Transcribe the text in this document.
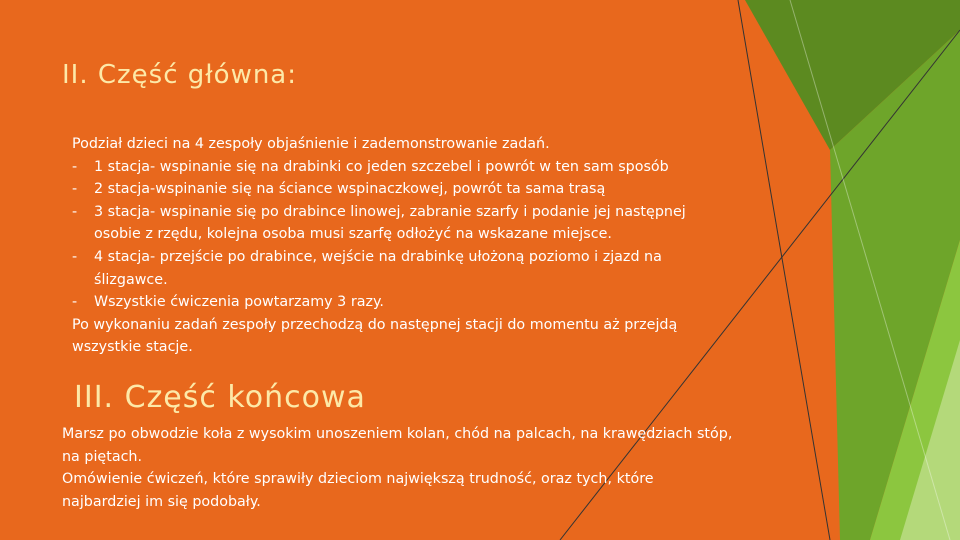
II. Część główna:
Podział dzieci na 4 zespoły objaśnienie i zademonstrowanie zadań.
- 1 stacja- wspinanie się na drabinki co jeden szczebel i powrót w ten sam sposób
- 2 stacja-wspinanie się na ściance wspinaczkowej, powrót ta sama trasą
- 3 stacja- wspinanie się po drabince linowej, zabranie szarfy i podanie jej następnej
osobie z rzędu, kolejna osoba musi szarfę odłożyć na wskazane miejsce.
- 4 stacja- przejście po drabince, wejście na drabinkę ułożoną poziomo i zjazd na
ślizgawce.
- Wszystkie ćwiczenia powtarzamy 3 razy.
Po wykonaniu zadań zespoły przechodzą do następnej stacji do momentu aż przejdą
wszystkie stacje.
III. Część końcowa
Marsz po obwodzie koła z wysokim unoszeniem kolan, chód na palcach, na krawędziach stóp,
na piętach.
Omówienie ćwiczeń, które sprawiły dzieciom największą trudność, oraz tych, które
najbardziej im się podobały.
